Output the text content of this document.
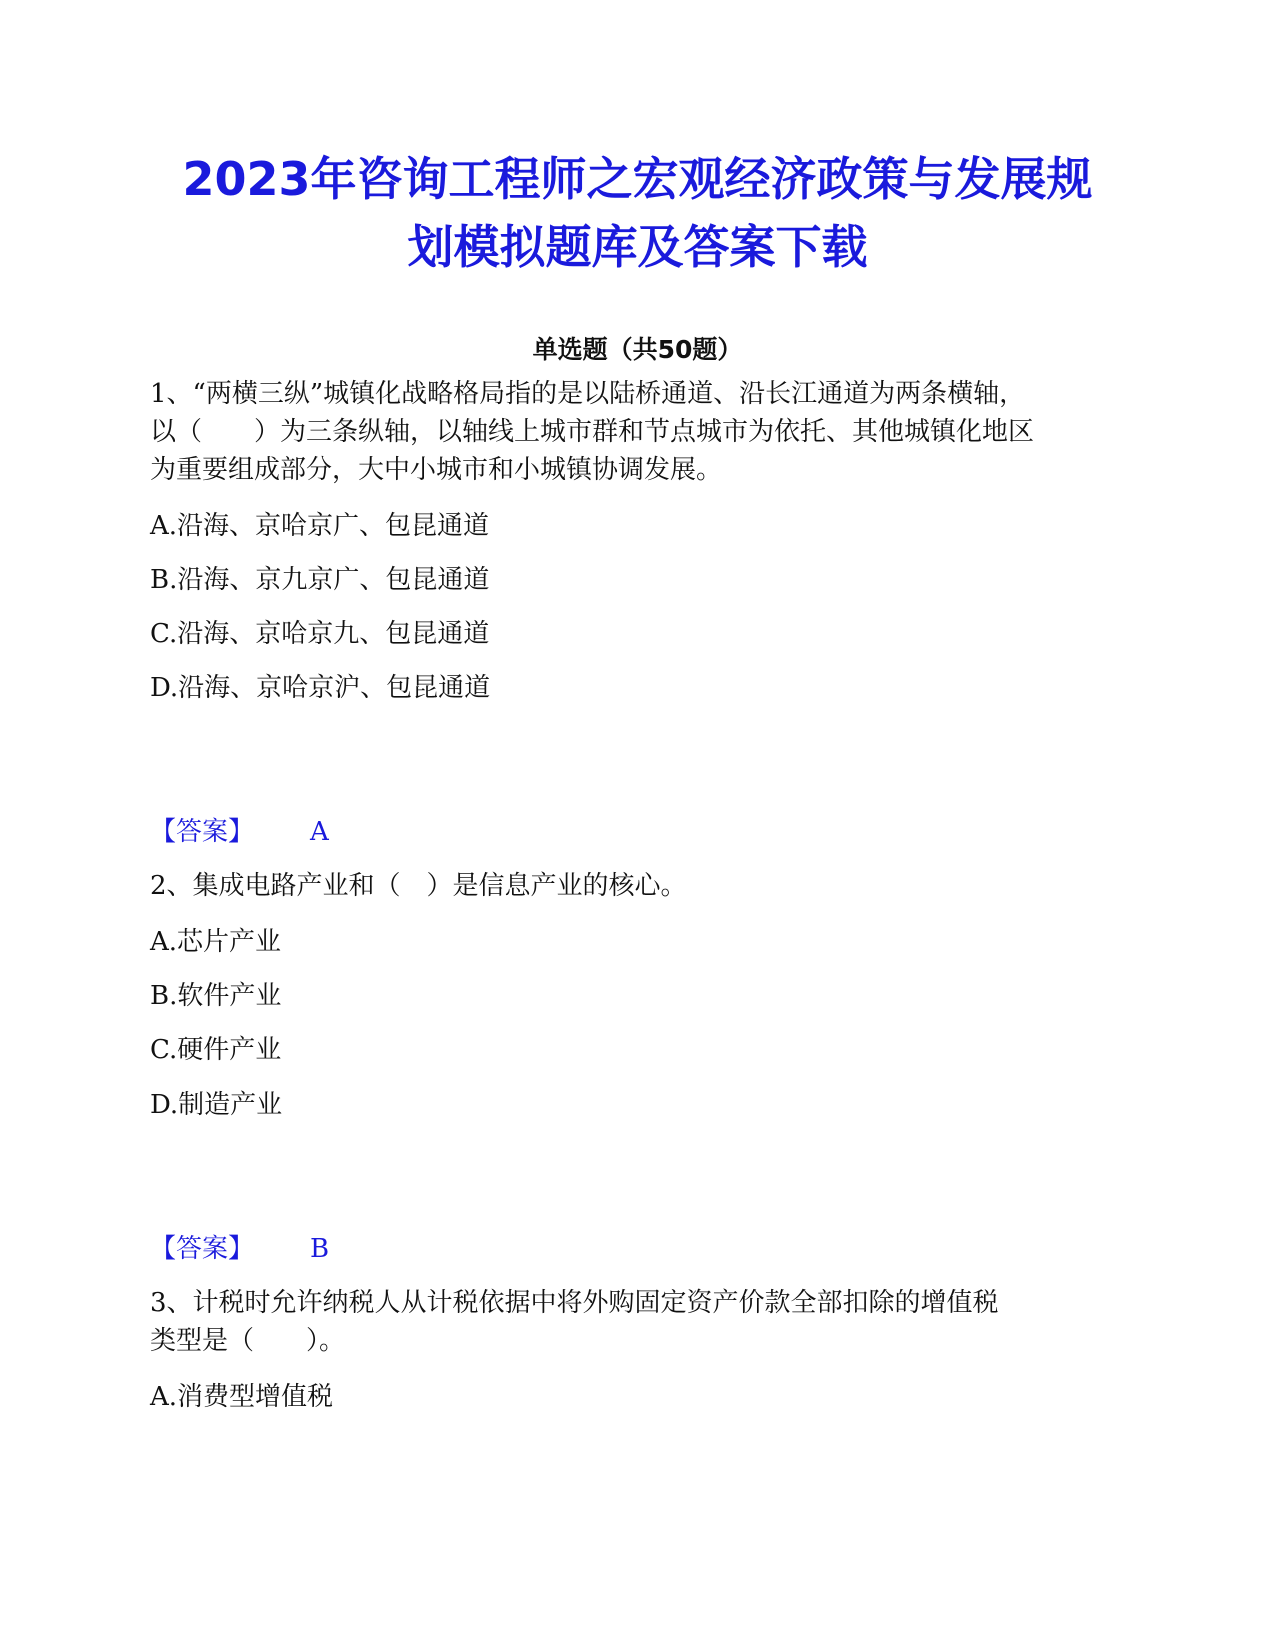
2023年咨询工程师之宏观经济政策与发展规
划模拟题库及答案下载
单选题（共50题）
1、“两横三纵”城镇化战略格局指的是以陆桥通道、沿长江通道为两条横轴，
以（　　）为三条纵轴，以轴线上城市群和节点城市为依托、其他城镇化地区
为重要组成部分，大中小城市和小城镇协调发展。
A.沿海、京哈京广、包昆通道
B.沿海、京九京广、包昆通道
C.沿海、京哈京九、包昆通道
D.沿海、京哈京沪、包昆通道
【答案】 A
2、集成电路产业和（　）是信息产业的核心。
A.芯片产业
B.软件产业
C.硬件产业
D.制造产业
【答案】 B
3、计税时允许纳税人从计税依据中将外购固定资产价款全部扣除的增值税
类型是（　　）。
A.消费型增值税
